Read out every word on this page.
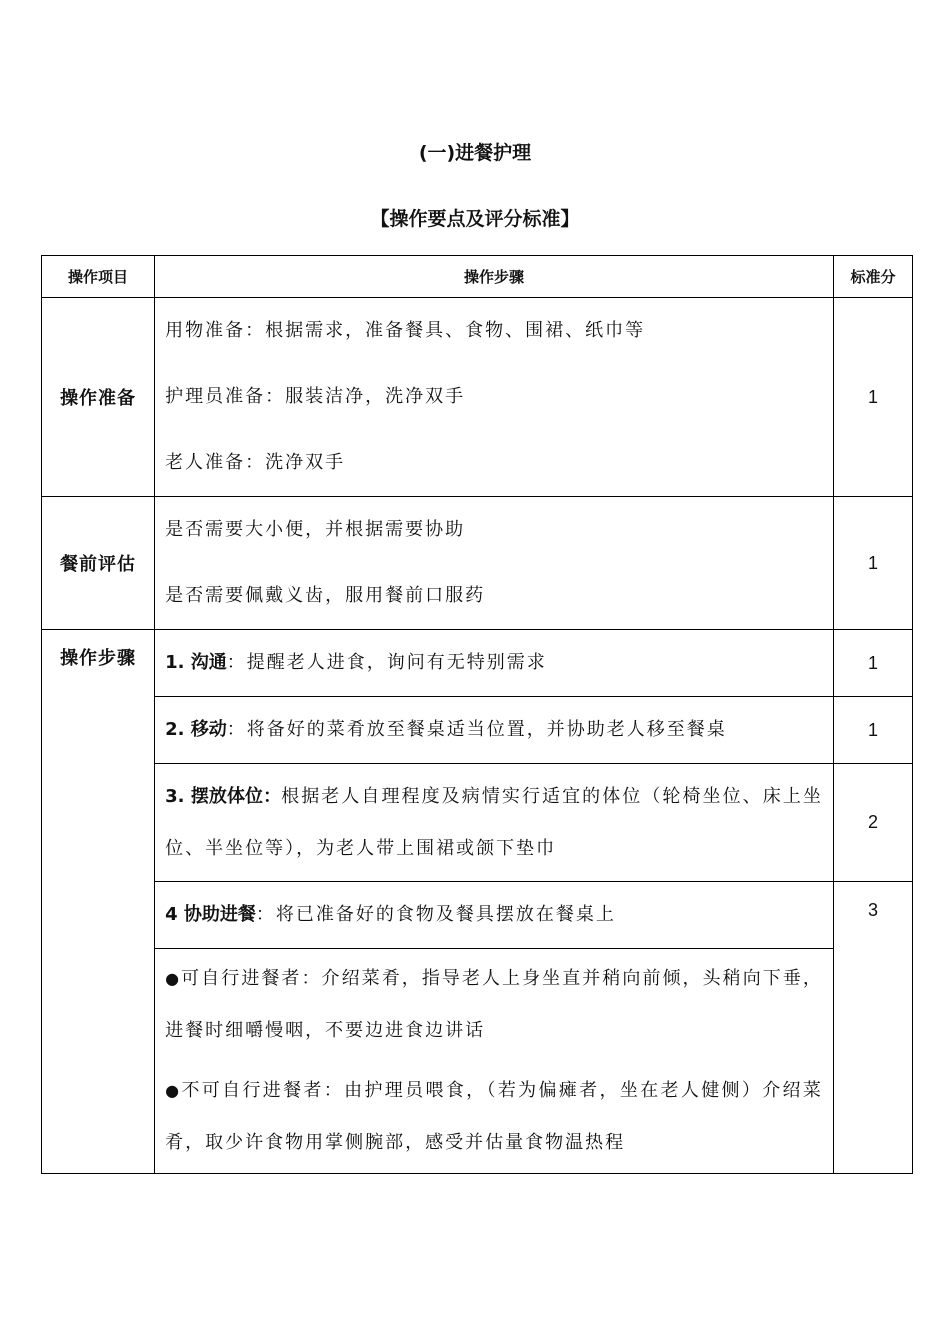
(一)进餐护理
【操作要点及评分标准】
操作项目	操作步骤	标准分
操作准备	用物准备：根据需求，准备餐具、食物、围裙、纸巾等
护理员准备：服装洁净，洗净双手
老人准备：洗净双手	1
餐前评估	是否需要大小便，并根据需要协助
是否需要佩戴义齿，服用餐前口服药	1
操作步骤	1. 沟通：提醒老人进食，询问有无特别需求	1

	2. 移动：将备好的菜肴放至餐桌适当位置，并协助老人移至餐桌	1

	3. 摆放体位：根据老人自理程度及病情实行适宜的体位（轮椅坐位、床上坐位、半坐位等），为老人带上围裙或颌下垫巾	2

	4 协助进餐：将已准备好的食物及餐具摆放在餐桌上	3

	●可自行进餐者：介绍菜肴，指导老人上身坐直并稍向前倾，头稍向下垂，进餐时细嚼慢咽，不要边进食边讲话
●不可自行进餐者：由护理员喂食，（若为偏瘫者，坐在老人健侧）介绍菜肴，取少许食物用掌侧腕部，感受并估量食物温热程	
